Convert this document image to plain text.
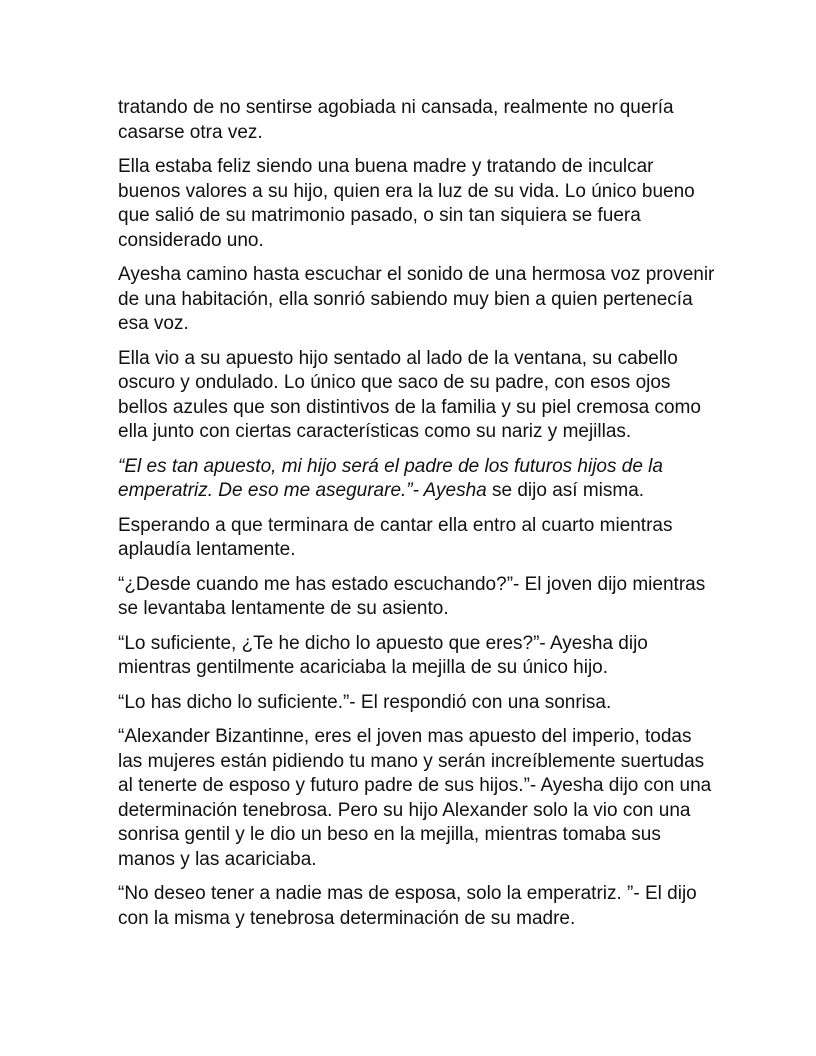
tratando de no sentirse agobiada ni cansada, realmente no quería
casarse otra vez.

Ella estaba feliz siendo una buena madre y tratando de inculcar
buenos valores a su hijo, quien era la luz de su vida. Lo único bueno
que salió de su matrimonio pasado, o sin tan siquiera se fuera
considerado uno.

Ayesha camino hasta escuchar el sonido de una hermosa voz provenir
de una habitación, ella sonrió sabiendo muy bien a quien pertenecía
esa voz.

Ella vio a su apuesto hijo sentado al lado de la ventana, su cabello
oscuro y ondulado. Lo único que saco de su padre, con esos ojos
bellos azules que son distintivos de la familia y su piel cremosa como
ella junto con ciertas características como su nariz y mejillas.

“El es tan apuesto, mi hijo será el padre de los futuros hijos de la
emperatriz. De eso me asegurare.”- Ayesha se dijo así misma.

Esperando a que terminara de cantar ella entro al cuarto mientras
aplaudía lentamente.

“¿Desde cuando me has estado escuchando?”- El joven dijo mientras
se levantaba lentamente de su asiento.

“Lo suficiente, ¿Te he dicho lo apuesto que eres?”- Ayesha dijo
mientras gentilmente acariciaba la mejilla de su único hijo.

“Lo has dicho lo suficiente.”- El respondió con una sonrisa.

“Alexander Bizantinne, eres el joven mas apuesto del imperio, todas
las mujeres están pidiendo tu mano y serán increíblemente suertudas
al tenerte de esposo y futuro padre de sus hijos.”- Ayesha dijo con una
determinación tenebrosa. Pero su hijo Alexander solo la vio con una
sonrisa gentil y le dio un beso en la mejilla, mientras tomaba sus
manos y las acariciaba.

“No deseo tener a nadie mas de esposa, solo la emperatriz. ”- El dijo
con la misma y tenebrosa determinación de su madre.
